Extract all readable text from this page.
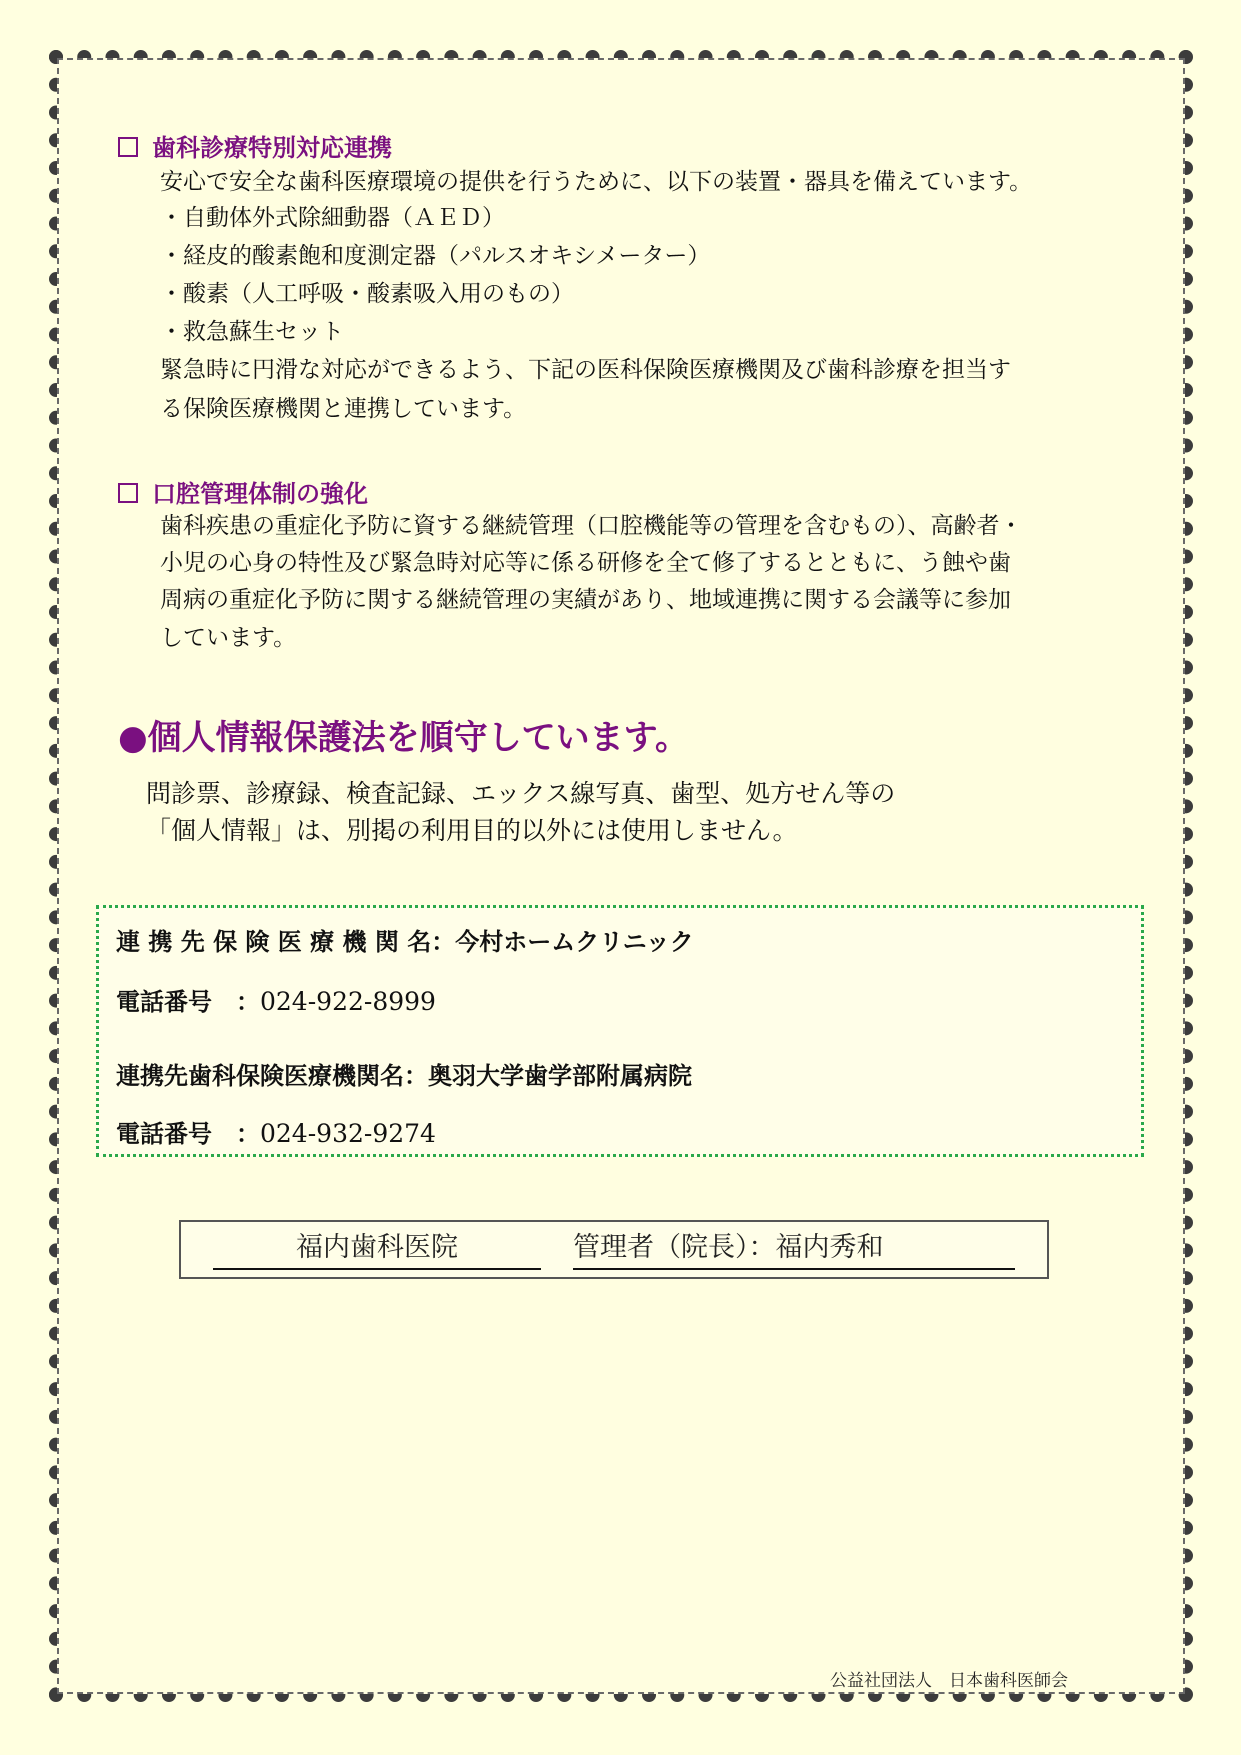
歯科診療特別対応連携
安心で安全な歯科医療環境の提供を行うために、以下の装置・器具を備えています。
・自動体外式除細動器（ＡＥＤ）
・経皮的酸素飽和度測定器（パルスオキシメーター）
・酸素（人工呼吸・酸素吸入用のもの）
・救急蘇生セット
緊急時に円滑な対応ができるよう、下記の医科保険医療機関及び歯科診療を担当す
る保険医療機関と連携しています。
口腔管理体制の強化
歯科疾患の重症化予防に資する継続管理（口腔機能等の管理を含むもの）、高齢者・
小児の心身の特性及び緊急時対応等に係る研修を全て修了するとともに、う蝕や歯
周病の重症化予防に関する継続管理の実績があり、地域連携に関する会議等に参加
しています。
●個人情報保護法を順守しています。
問診票、診療録、検査記録、エックス線写真、歯型、処方せん等の
「個人情報」は、別掲の利用目的以外には使用しません。
連 携 先 保 険 医 療 機 関 名：今村ホームクリニック
電話番号　：024-922-8999
連携先歯科保険医療機関名：奥羽大学歯学部附属病院
電話番号　：024-932-9274
福内歯科医院	管理者（院長）：福内秀和
公益社団法人　日本歯科医師会
